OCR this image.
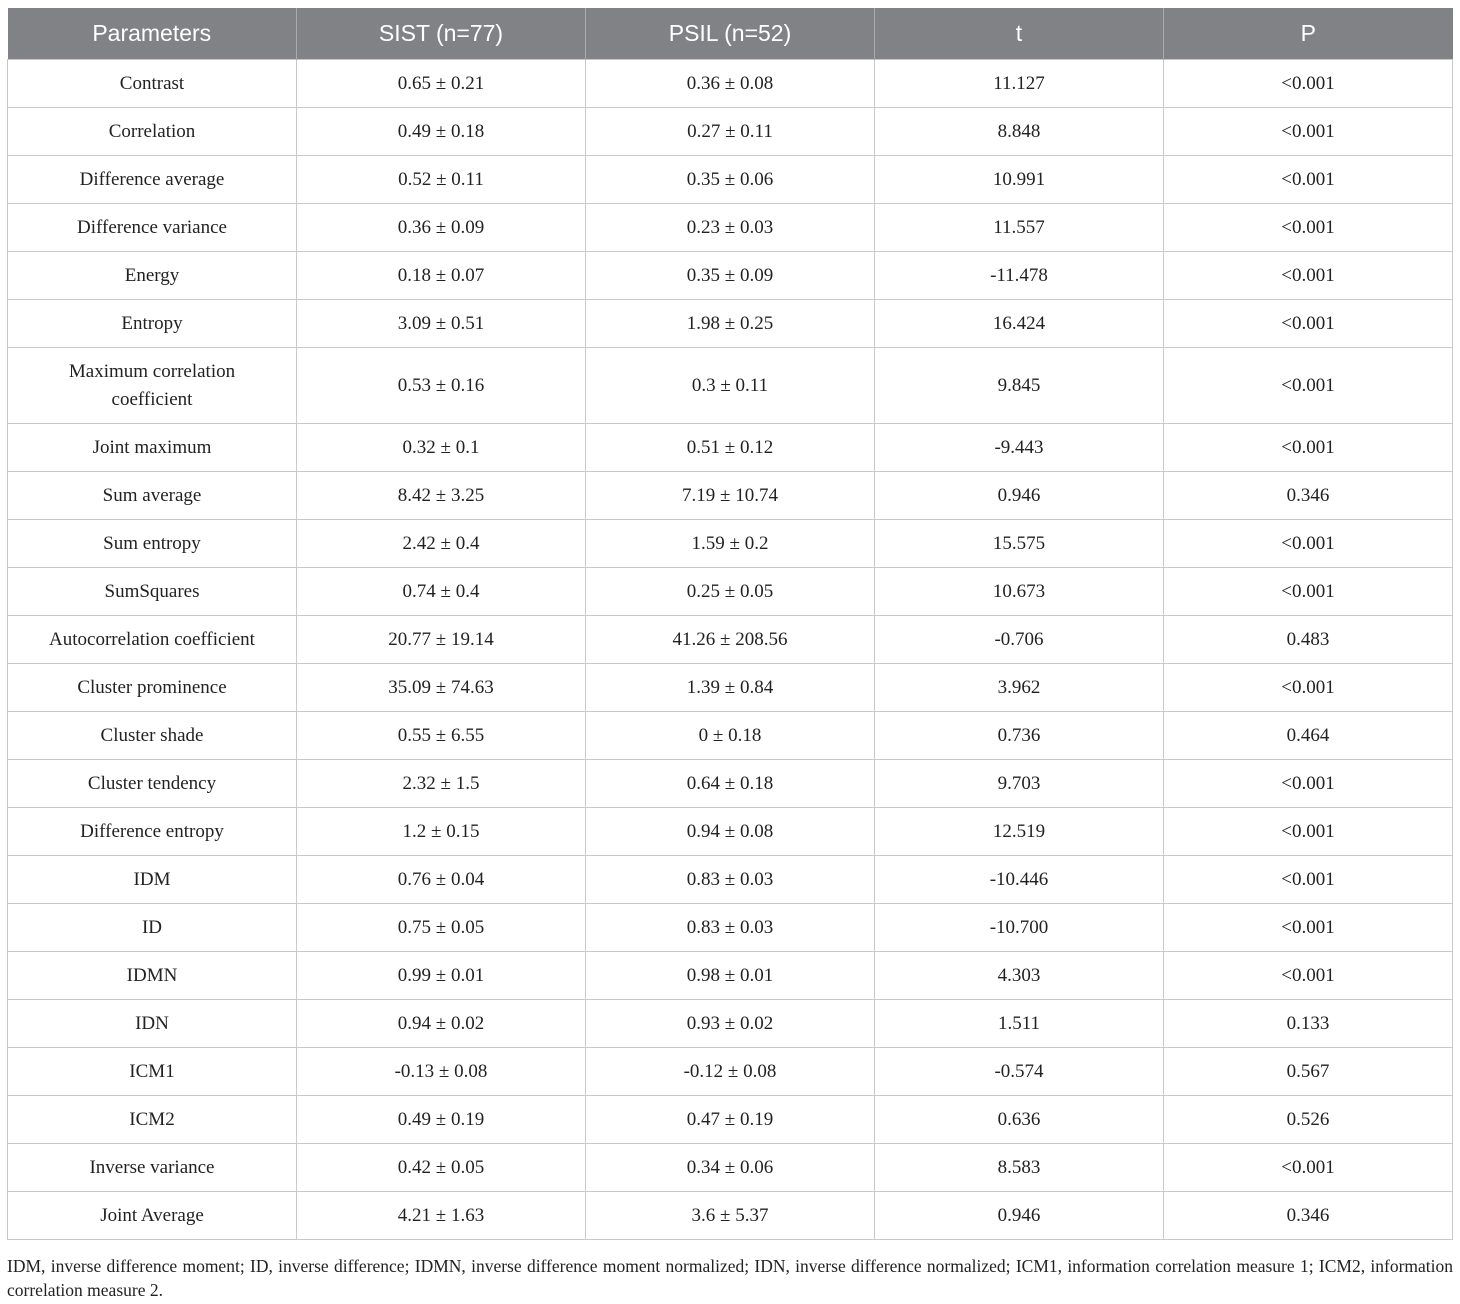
Parameters	SIST (n=77)	PSIL (n=52)	t	P
Contrast	0.65 ± 0.21	0.36 ± 0.08	11.127	<0.001
Correlation	0.49 ± 0.18	0.27 ± 0.11	8.848	<0.001
Difference average	0.52 ± 0.11	0.35 ± 0.06	10.991	<0.001
Difference variance	0.36 ± 0.09	0.23 ± 0.03	11.557	<0.001
Energy	0.18 ± 0.07	0.35 ± 0.09	-11.478	<0.001
Entropy	3.09 ± 0.51	1.98 ± 0.25	16.424	<0.001
Maximum correlation
coefficient	0.53 ± 0.16	0.3 ± 0.11	9.845	<0.001
Joint maximum	0.32 ± 0.1	0.51 ± 0.12	-9.443	<0.001
Sum average	8.42 ± 3.25	7.19 ± 10.74	0.946	0.346
Sum entropy	2.42 ± 0.4	1.59 ± 0.2	15.575	<0.001
SumSquares	0.74 ± 0.4	0.25 ± 0.05	10.673	<0.001
Autocorrelation coefficient	20.77 ± 19.14	41.26 ± 208.56	-0.706	0.483
Cluster prominence	35.09 ± 74.63	1.39 ± 0.84	3.962	<0.001
Cluster shade	0.55 ± 6.55	0 ± 0.18	0.736	0.464
Cluster tendency	2.32 ± 1.5	0.64 ± 0.18	9.703	<0.001
Difference entropy	1.2 ± 0.15	0.94 ± 0.08	12.519	<0.001
IDM	0.76 ± 0.04	0.83 ± 0.03	-10.446	<0.001
ID	0.75 ± 0.05	0.83 ± 0.03	-10.700	<0.001
IDMN	0.99 ± 0.01	0.98 ± 0.01	4.303	<0.001
IDN	0.94 ± 0.02	0.93 ± 0.02	1.511	0.133
ICM1	-0.13 ± 0.08	-0.12 ± 0.08	-0.574	0.567
ICM2	0.49 ± 0.19	0.47 ± 0.19	0.636	0.526
Inverse variance	0.42 ± 0.05	0.34 ± 0.06	8.583	<0.001
Joint Average	4.21 ± 1.63	3.6 ± 5.37	0.946	0.346
IDM, inverse difference moment; ID, inverse difference; IDMN, inverse difference moment normalized; IDN, inverse difference normalized; ICM1, information correlation measure 1; ICM2, information correlation measure 2.
